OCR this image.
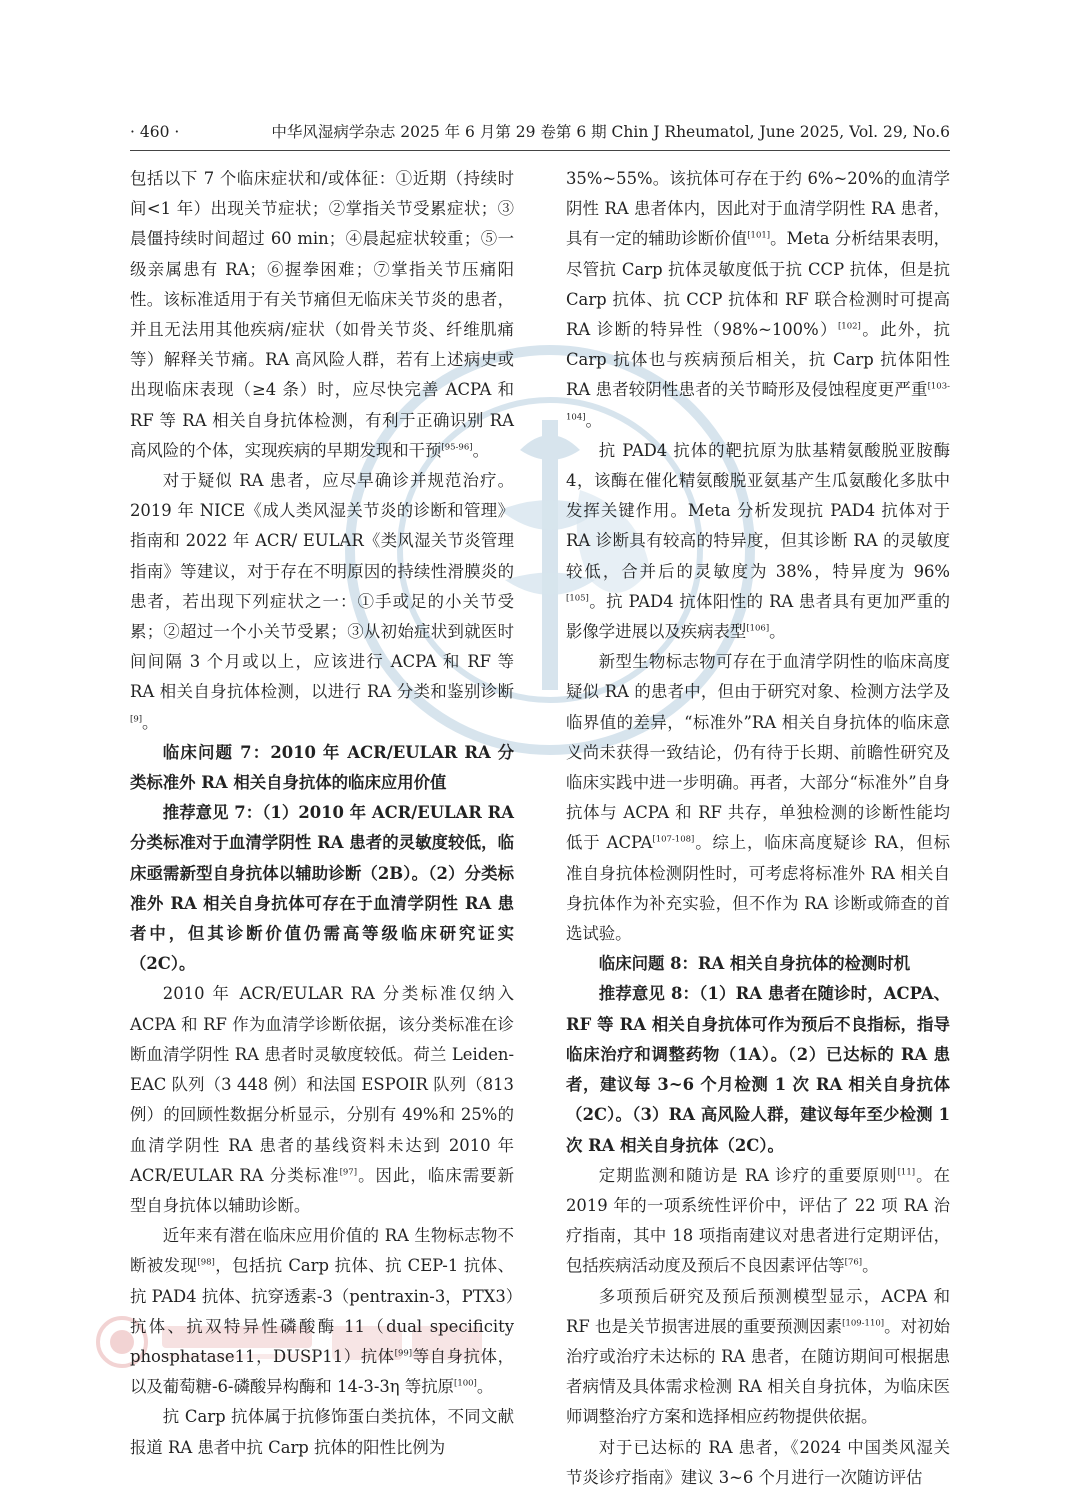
· 460 ·	中华风湿病学杂志 2025 年 6 月第 29 卷第 6 期 Chin J Rheumatol, June 2025, Vol. 29, No.6

包括以下 7 个临床症状和/或体征：①近期（持续时间<1 年）出现关节症状；②掌指关节受累症状；③晨僵持续时间超过 60 min；④晨起症状较重；⑤一级亲属患有 RA；⑥握拳困难；⑦掌指关节压痛阳性。该标准适用于有关节痛但无临床关节炎的患者，并且无法用其他疾病/症状（如骨关节炎、纤维肌痛等）解释关节痛。RA 高风险人群，若有上述病史或出现临床表现（≥4 条）时，应尽快完善 ACPA 和 RF 等 RA 相关自身抗体检测，有利于正确识别 RA 高风险的个体，实现疾病的早期发现和干预[95-96]。

对于疑似 RA 患者，应尽早确诊并规范治疗。2019 年 NICE《成人类风湿关节炎的诊断和管理》指南和 2022 年 ACR/ EULAR《类风湿关节炎管理指南》等建议，对于存在不明原因的持续性滑膜炎的患者，若出现下列症状之一：①手或足的小关节受累；②超过一个小关节受累；③从初始症状到就医时间间隔 3 个月或以上，应该进行 ACPA 和 RF 等 RA 相关自身抗体检测，以进行 RA 分类和鉴别诊断[9]。

临床问题 7：2010 年 ACR/EULAR RA 分类标准外 RA 相关自身抗体的临床应用价值

推荐意见 7：（1）2010 年 ACR/EULAR RA 分类标准对于血清学阴性 RA 患者的灵敏度较低，临床亟需新型自身抗体以辅助诊断（2B）。（2）分类标准外 RA 相关自身抗体可存在于血清学阴性 RA 患者中，但其诊断价值仍需高等级临床研究证实（2C）。

2010 年 ACR/EULAR RA 分类标准仅纳入 ACPA 和 RF 作为血清学诊断依据，该分类标准在诊断血清学阴性 RA 患者时灵敏度较低。荷兰 Leiden-EAC 队列（3 448 例）和法国 ESPOIR 队列（813 例）的回顾性数据分析显示，分别有 49%和 25%的血清学阴性 RA 患者的基线资料未达到 2010 年 ACR/EULAR RA 分类标准[97]。因此，临床需要新型自身抗体以辅助诊断。

近年来有潜在临床应用价值的 RA 生物标志物不断被发现[98]，包括抗 Carp 抗体、抗 CEP-1 抗体、抗 PAD4 抗体、抗穿透素-3（pentraxin-3，PTX3）抗体、抗双特异性磷酸酶 11（dual specificity phosphatase11，DUSP11）抗体[99]等自身抗体，以及葡萄糖-6-磷酸异构酶和 14-3-3η 等抗原[100]。

抗 Carp 抗体属于抗修饰蛋白类抗体，不同文献报道 RA 患者中抗 Carp 抗体的阳性比例为

35%~55%。该抗体可存在于约 6%~20%的血清学阴性 RA 患者体内，因此对于血清学阴性 RA 患者，具有一定的辅助诊断价值[101]。Meta 分析结果表明，尽管抗 Carp 抗体灵敏度低于抗 CCP 抗体，但是抗 Carp 抗体、抗 CCP 抗体和 RF 联合检测时可提高 RA 诊断的特异性（98%~100%）[102]。此外，抗 Carp 抗体也与疾病预后相关，抗 Carp 抗体阳性 RA 患者较阴性患者的关节畸形及侵蚀程度更严重[103-104]。

抗 PAD4 抗体的靶抗原为肽基精氨酸脱亚胺酶 4，该酶在催化精氨酸脱亚氨基产生瓜氨酸化多肽中发挥关键作用。Meta 分析发现抗 PAD4 抗体对于 RA 诊断具有较高的特异度，但其诊断 RA 的灵敏度较低，合并后的灵敏度为 38%，特异度为 96%[105]。抗 PAD4 抗体阳性的 RA 患者具有更加严重的影像学进展以及疾病表型[106]。

新型生物标志物可存在于血清学阴性的临床高度疑似 RA 的患者中，但由于研究对象、检测方法学及临界值的差异，“标准外”RA 相关自身抗体的临床意义尚未获得一致结论，仍有待于长期、前瞻性研究及临床实践中进一步明确。再者，大部分“标准外”自身抗体与 ACPA 和 RF 共存，单独检测的诊断性能均低于 ACPA[107-108]。综上，临床高度疑诊 RA，但标准自身抗体检测阴性时，可考虑将标准外 RA 相关自身抗体作为补充实验，但不作为 RA 诊断或筛查的首选试验。

临床问题 8：RA 相关自身抗体的检测时机

推荐意见 8：（1）RA 患者在随诊时，ACPA、RF 等 RA 相关自身抗体可作为预后不良指标，指导临床治疗和调整药物（1A）。（2）已达标的 RA 患者，建议每 3~6 个月检测 1 次 RA 相关自身抗体（2C）。（3）RA 高风险人群，建议每年至少检测 1 次 RA 相关自身抗体（2C）。

定期监测和随访是 RA 诊疗的重要原则[11]。在 2019 年的一项系统性评价中，评估了 22 项 RA 治疗指南，其中 18 项指南建议对患者进行定期评估，包括疾病活动度及预后不良因素评估等[76]。

多项预后研究及预后预测模型显示，ACPA 和 RF 也是关节损害进展的重要预测因素[109-110]。对初始治疗或治疗未达标的 RA 患者，在随访期间可根据患者病情及具体需求检测 RA 相关自身抗体，为临床医师调整治疗方案和选择相应药物提供依据。

对于已达标的 RA 患者，《2024 中国类风湿关节炎诊疗指南》建议 3~6 个月进行一次随访评估
